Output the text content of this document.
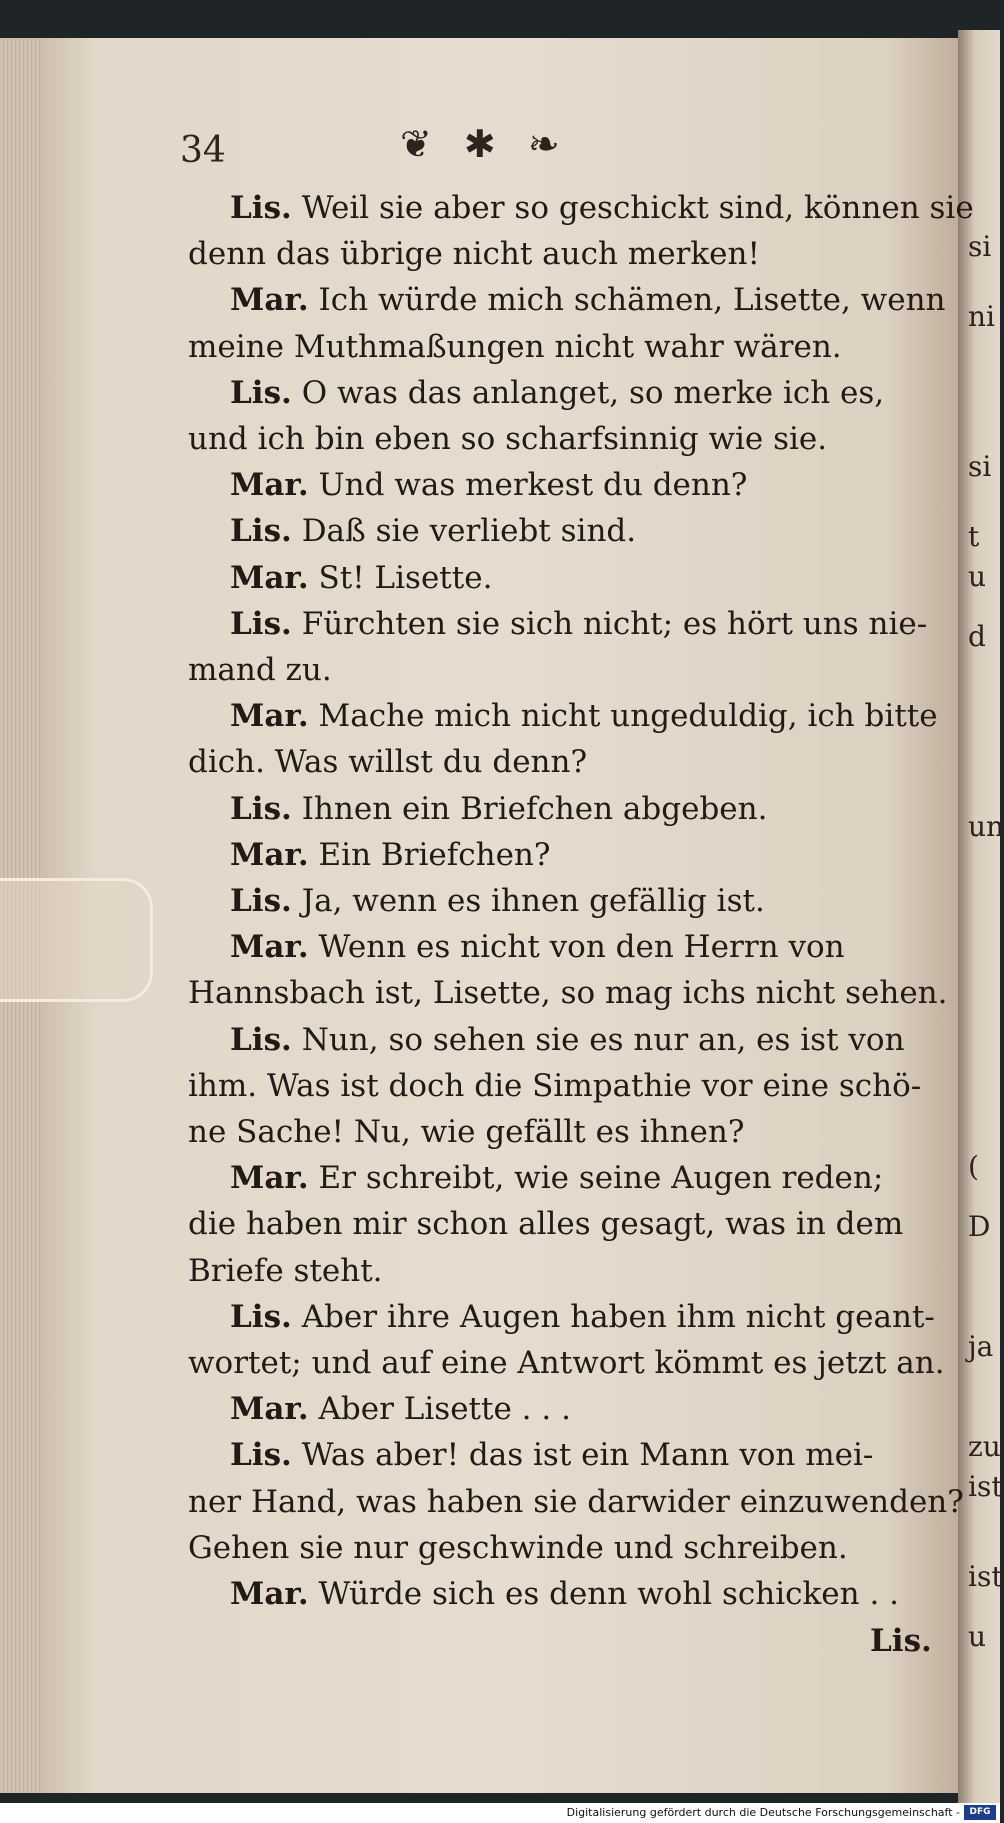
si
ni
si
t
u
d
un
(
D
ja
zu
ist
ist
u
34	❦ ✱ ❧
Lis. Weil sie aber so geschickt sind, können sie
denn das übrige nicht auch merken!
Mar. Ich würde mich schämen, Lisette, wenn
meine Muthmaßungen nicht wahr wären.
Lis. O was das anlanget, so merke ich es,
und ich bin eben so scharfsinnig wie sie.
Mar. Und was merkest du denn?
Lis. Daß sie verliebt sind.
Mar. St! Lisette.
Lis. Fürchten sie sich nicht; es hört uns nie-
mand zu.
Mar. Mache mich nicht ungeduldig, ich bitte
dich. Was willst du denn?
Lis. Ihnen ein Briefchen abgeben.
Mar. Ein Briefchen?
Lis. Ja, wenn es ihnen gefällig ist.
Mar. Wenn es nicht von den Herrn von
Hannsbach ist, Lisette, so mag ichs nicht sehen.
Lis. Nun, so sehen sie es nur an, es ist von
ihm. Was ist doch die Simpathie vor eine schö-
ne Sache! Nu, wie gefällt es ihnen?
Mar. Er schreibt, wie seine Augen reden;
die haben mir schon alles gesagt, was in dem
Briefe steht.
Lis. Aber ihre Augen haben ihm nicht geant-
wortet; und auf eine Antwort kömmt es jetzt an.
Mar. Aber Lisette . . .
Lis. Was aber! das ist ein Mann von mei-
ner Hand, was haben sie darwider einzuwenden?
Gehen sie nur geschwinde und schreiben.
Mar. Würde sich es denn wohl schicken . .
Lis.
Digitalisierung gefördert durch die Deutsche Forschungsgemeinschaft -	DFG
